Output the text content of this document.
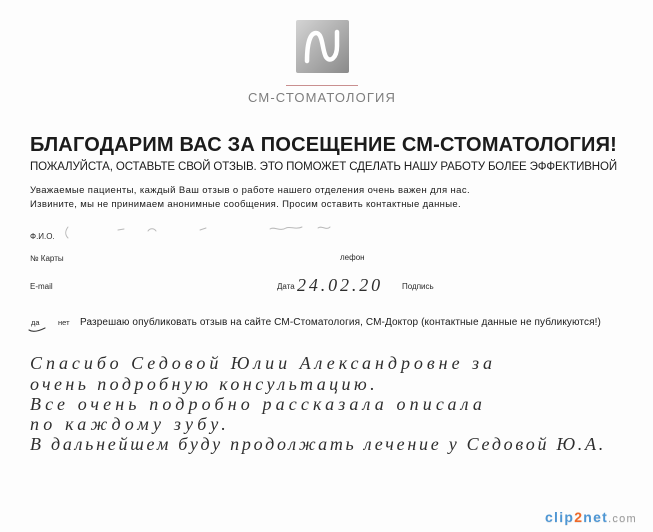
СМ-СТОМАТОЛОГИЯ
БЛАГОДАРИМ ВАС ЗА ПОСЕЩЕНИЕ СМ-СТОМАТОЛОГИЯ!
ПОЖАЛУЙСТА, ОСТАВЬТЕ СВОЙ ОТЗЫВ. ЭТО ПОМОЖЕТ СДЕЛАТЬ НАШУ РАБОТУ БОЛЕЕ ЭФФЕКТИВНОЙ
Уважаемые пациенты, каждый Ваш отзыв о работе нашего отделения очень важен для нас.
Извините, мы не принимаем анонимные сообщения. Просим оставить контактные данные.
Ф.И.О.
№ Карты	лефон
E-mail	Дата 24.02.20 Подпись
да нет Разрешаю опубликовать отзыв на сайте СМ-Стоматология, СМ-Доктор (контактные данные не публикуются!)
Спасибо Седовой Юлии Александровне за
очень подробную консультацию.
Все очень подробно рассказала описала
по каждому зубу.
В дальнейшем буду продолжать лечение у Седовой Ю.А.
clip2net.com
